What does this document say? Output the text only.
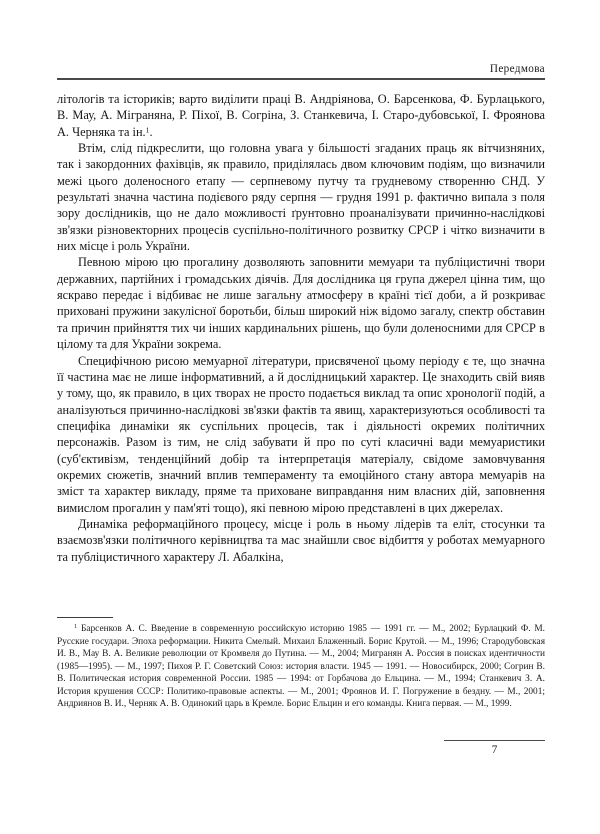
Передмова

літологів та істориків; варто виділити праці В. Андріянова, О. Барсенкова, Ф. Бурлацького, В. Мау, А. Міграняна, Р. Піхої, В. Согріна, З. Станкевича, І. Старо-дубовської, І. Фроянова А. Черняка та ін.$^1$.

Втім, слід підкреслити, що головна увага у більшості згаданих праць як вітчизняних, так і закордонних фахівців, як правило, приділялась двом ключовим подіям, що визначили межі цього доленосного етапу — серпневому путчу та грудневому створенню СНД. У результаті значна частина подієвого ряду серпня — грудня 1991 р. фактично випала з поля зору дослідників, що не дало можливості ґрунтовно проаналізувати причинно-наслідкові зв'язки різновекторних процесів суспільно-політичного розвитку СРСР і чітко визначити в них місце і роль України.

Певною мірою цю прогалину дозволяють заповнити мемуари та публіцистичні твори державних, партійних і громадських діячів. Для дослідника ця група джерел цінна тим, що яскраво передає і відбиває не лише загальну атмосферу в країні тієї доби, а й розкриває приховані пружини закулісної боротьби, більш широкий ніж відомо загалу, спектр обставин та причин прийняття тих чи інших кардинальних рішень, що були доленосними для СРСР в цілому та для України зокрема.

Специфічною рисою мемуарної літератури, присвяченої цьому періоду є те, що значна її частина має не лише інформативний, а й дослідницький характер. Це знаходить свій вияв у тому, що, як правило, в цих творах не просто подається виклад та опис хронології подій, а аналізуються причинно-наслідкові зв'язки фактів та явищ, характеризуються особливості та специфіка динаміки як суспільних процесів, так і діяльності окремих політичних персонажів. Разом із тим, не слід забувати й про по суті класичні вади мемуаристики (суб'єктивізм, тенденційний добір та інтерпретація матеріалу, свідоме замовчування окремих сюжетів, значний вплив темпераменту та емоційного стану автора мемуарів на зміст та характер викладу, пряме та приховане виправдання ним власних дій, заповнення вимислом прогалин у пам'яті тощо), які певною мірою представлені в цих джерелах.

Динаміка реформаційного процесу, місце і роль в ньому лідерів та еліт, стосунки та взаємозв'язки політичного керівництва та мас знайшли своє відбиття у роботах мемуарного та публіцистичного характеру Л. Абалкіна,

$^1$ Барсенков А. С. Введение в современную российскую историю 1985 — 1991 гг. — М., 2002; Бурлацкий Ф. М. Русские государи. Эпоха реформации. Никита Смелый. Михаил Блаженный. Борис Крутой. — М., 1996; Стародубовская И. В., Мау В. А. Великие революции от Кромвеля до Путина. — М., 2004; Мигранян А. Россия в поисках идентичности (1985—1995). — М., 1997; Пихоя Р. Г. Советский Союз: история власти. 1945 — 1991. — Новосибирск, 2000; Согрин В. В. Политическая история современной России. 1985 — 1994: от Горбачова до Ельцина. — М., 1994; Станкевич З. А. История крушения СССР: Политико-правовые аспекты. — М., 2001; Фроянов И. Г. Погружение в бездну. — М., 2001; Андриянов В. И., Черняк А. В. Одинокий царь в Кремле. Борис Ельцин и его команды. Книга первая. — М., 1999.

7
